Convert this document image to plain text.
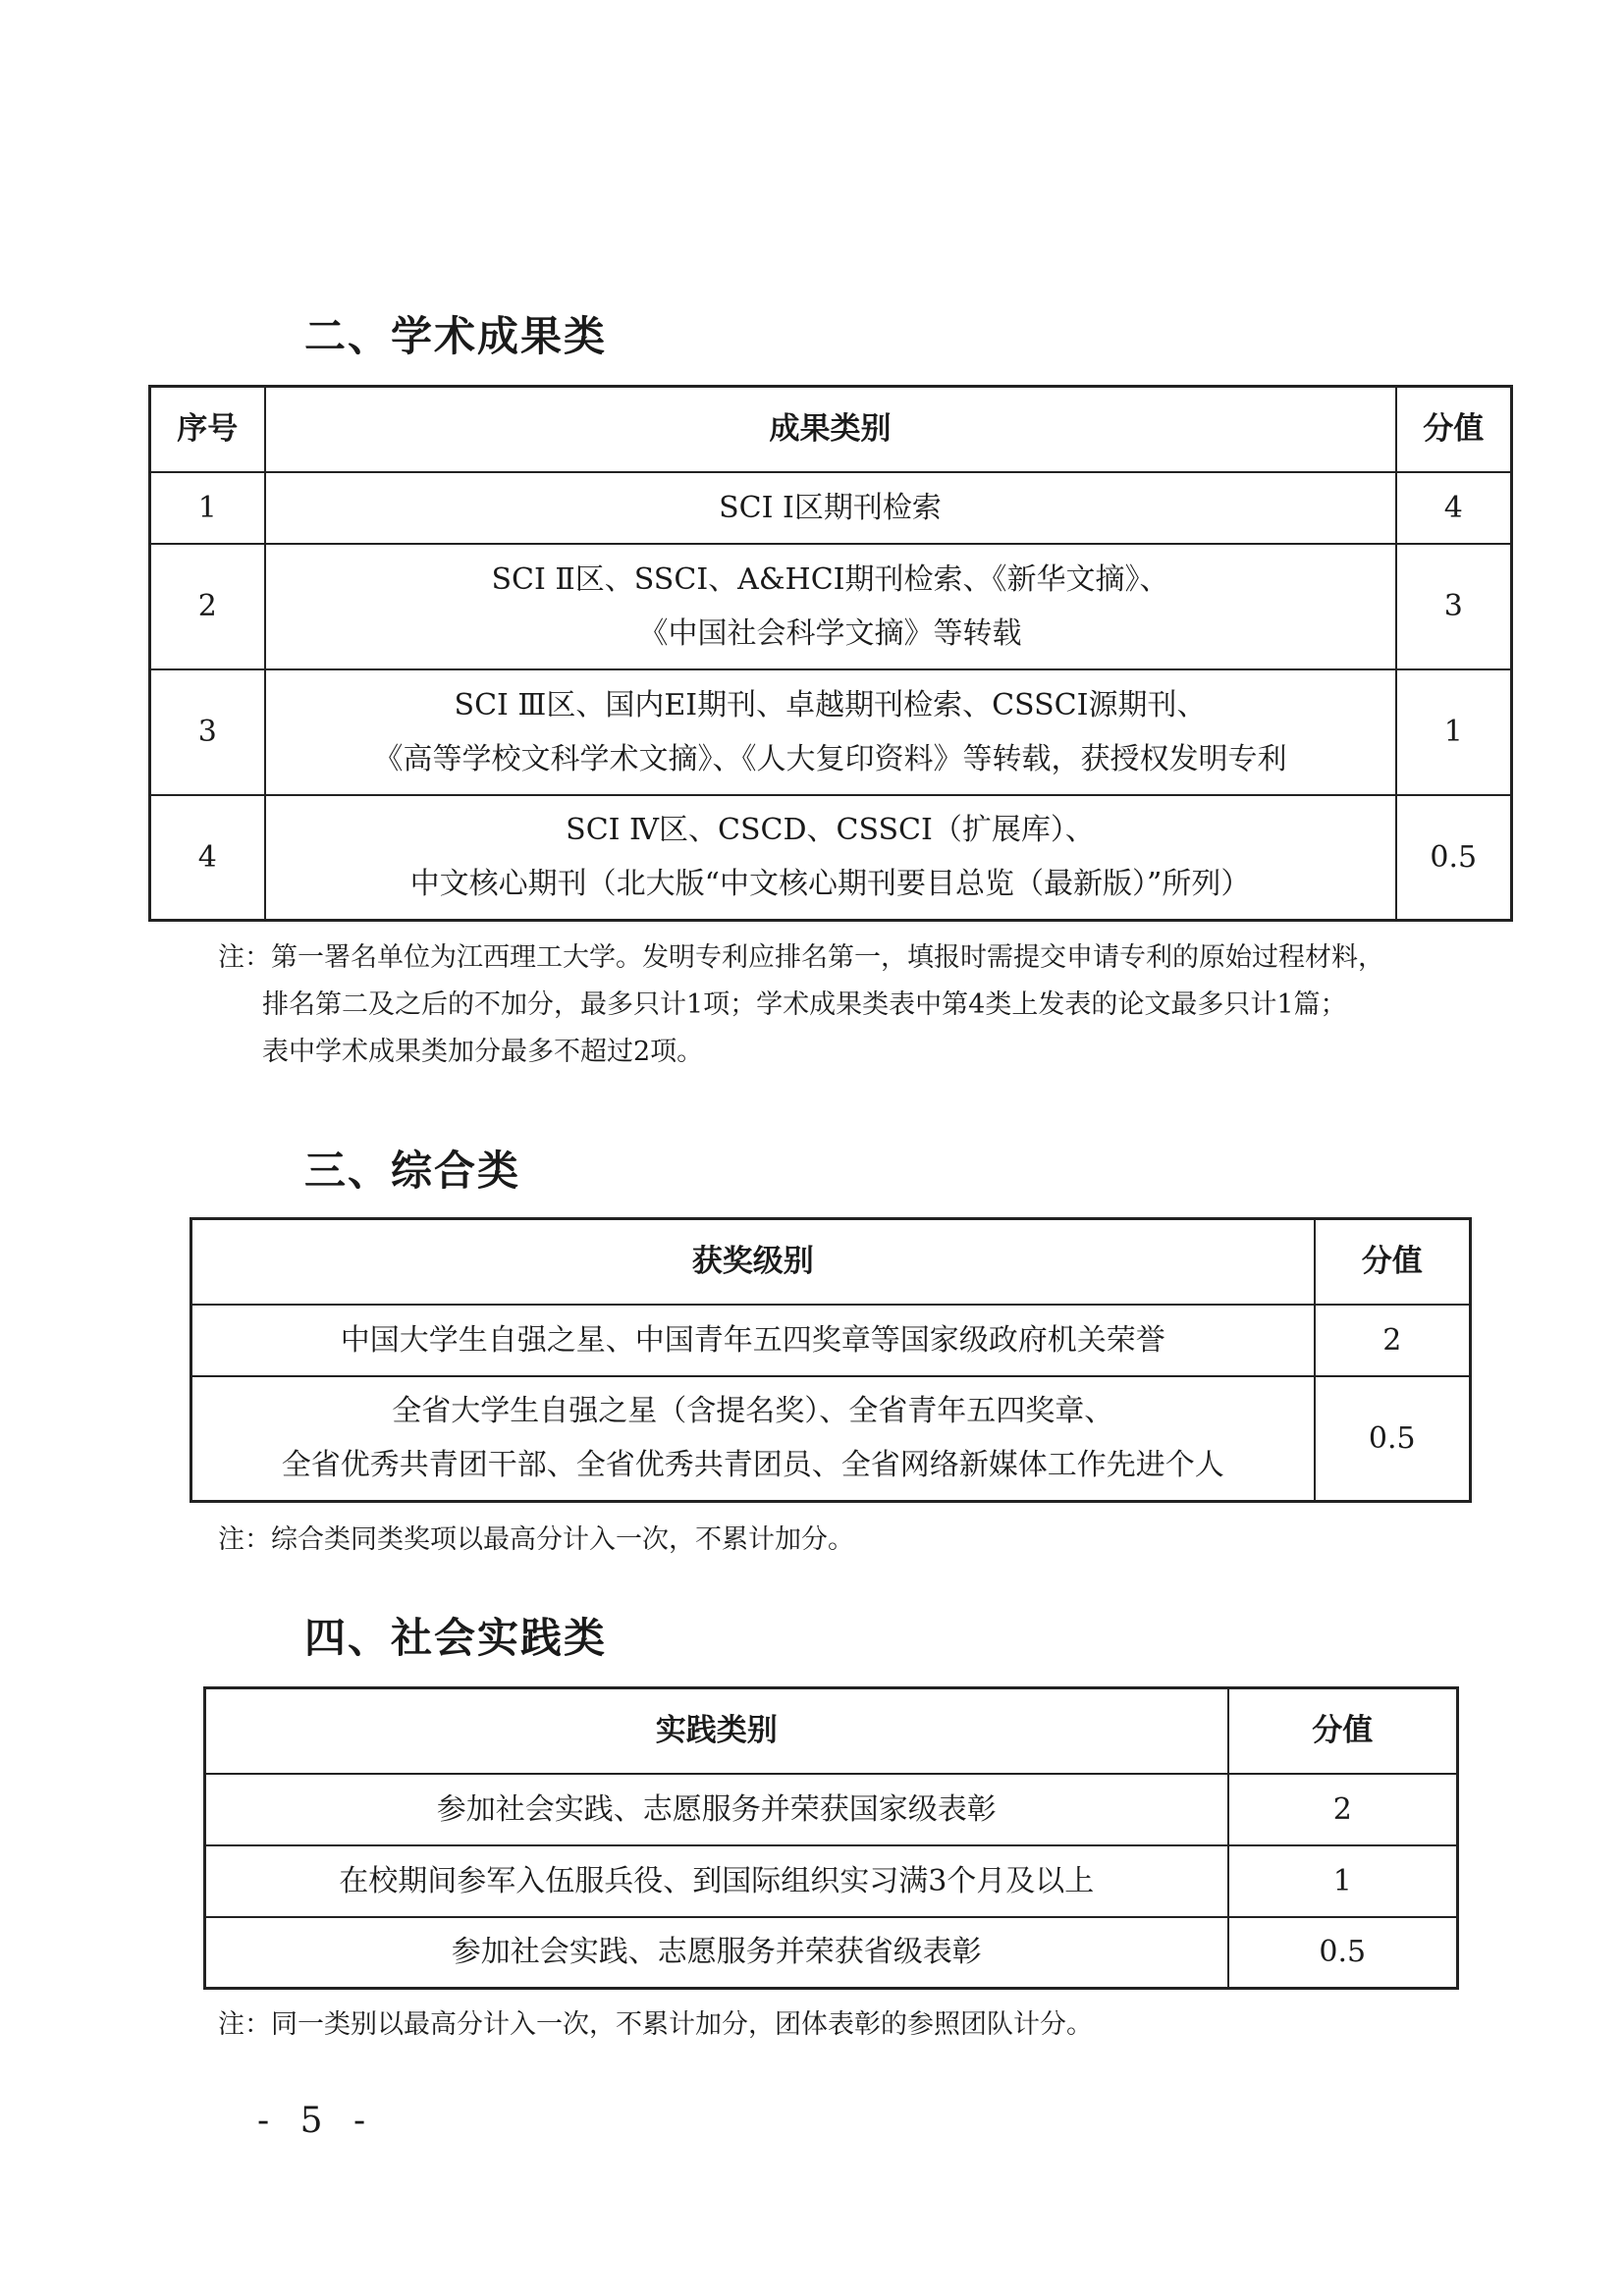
二、学术成果类
序号	成果类别	分值
1	SCI Ⅰ区期刊检索	4
2	SCI Ⅱ区、SSCI、A&HCI期刊检索、《新华文摘》、
《中国社会科学文摘》等转载	3
3	SCI Ⅲ区、国内EI期刊、卓越期刊检索、CSSCI源期刊、
《高等学校文科学术文摘》、《人大复印资料》等转载，获授权发明专利	1
4	SCI Ⅳ区、CSCD、CSSCI（扩展库）、
中文核心期刊（北大版“中文核心期刊要目总览（最新版）”所列）	0.5

注：第一署名单位为江西理工大学。发明专利应排名第一，填报时需提交申请专利的原始过程材料，
排名第二及之后的不加分，最多只计1项；学术成果类表中第4类上发表的论文最多只计1篇；
表中学术成果类加分最多不超过2项。

三、综合类
获奖级别	分值
中国大学生自强之星、中国青年五四奖章等国家级政府机关荣誉	2
全省大学生自强之星（含提名奖）、全省青年五四奖章、
全省优秀共青团干部、全省优秀共青团员、全省网络新媒体工作先进个人	0.5

注：综合类同类奖项以最高分计入一次，不累计加分。

四、社会实践类
实践类别	分值
参加社会实践、志愿服务并荣获国家级表彰	2
在校期间参军入伍服兵役、到国际组织实习满3个月及以上	1
参加社会实践、志愿服务并荣获省级表彰	0.5

注：同一类别以最高分计入一次，不累计加分，团体表彰的参照团队计分。

- 5 -
